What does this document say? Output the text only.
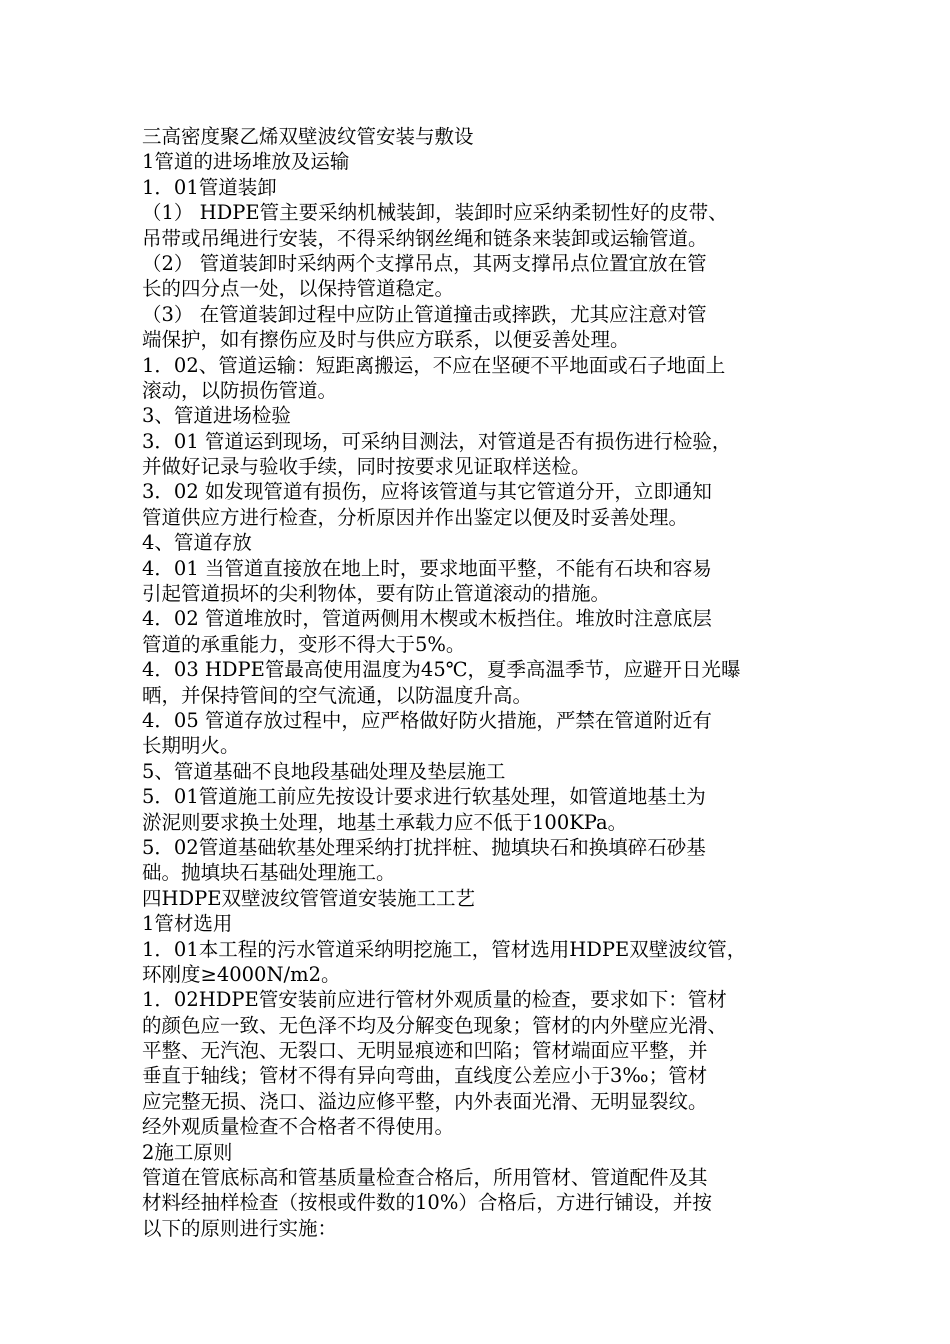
三高密度聚乙烯双壁波纹管安装与敷设
1管道的进场堆放及运输
1．01管道装卸
（1） HDPE管主要采纳机械装卸，装卸时应采纳柔韧性好的皮带、
吊带或吊绳进行安装，不得采纳钢丝绳和链条来装卸或运输管道。
（2） 管道装卸时采纳两个支撑吊点，其两支撑吊点位置宜放在管
长的四分点一处，以保持管道稳定。
（3） 在管道装卸过程中应防止管道撞击或摔跌，尤其应注意对管
端保护，如有擦伤应及时与供应方联系，以便妥善处理。
1．02、管道运输：短距离搬运，不应在坚硬不平地面或石子地面上
滚动，以防损伤管道。
3、管道进场检验
3．01 管道运到现场，可采纳目测法，对管道是否有损伤进行检验，
并做好记录与验收手续，同时按要求见证取样送检。
3．02 如发现管道有损伤，应将该管道与其它管道分开，立即通知
管道供应方进行检查，分析原因并作出鉴定以便及时妥善处理。
4、管道存放
4．01 当管道直接放在地上时，要求地面平整，不能有石块和容易
引起管道损坏的尖利物体，要有防止管道滚动的措施。
4．02 管道堆放时，管道两侧用木楔或木板挡住。堆放时注意底层
管道的承重能力，变形不得大于5%。
4．03 HDPE管最高使用温度为45℃，夏季高温季节，应避开日光曝
晒，并保持管间的空气流通，以防温度升高。
4．05 管道存放过程中，应严格做好防火措施，严禁在管道附近有
长期明火。
5、管道基础不良地段基础处理及垫层施工
5．01管道施工前应先按设计要求进行软基处理，如管道地基土为
淤泥则要求换土处理，地基土承载力应不低于100KPa。
5．02管道基础软基处理采纳打扰拌桩、抛填块石和换填碎石砂基
础。抛填块石基础处理施工。
四HDPE双壁波纹管管道安装施工工艺
1管材选用
1．01本工程的污水管道采纳明挖施工，管材选用HDPE双壁波纹管，
环刚度≥4000N/m2。
1．02HDPE管安装前应进行管材外观质量的检查，要求如下：管材
的颜色应一致、无色泽不均及分解变色现象；管材的内外壁应光滑、
平整、无汽泡、无裂口、无明显痕迹和凹陷；管材端面应平整，并
垂直于轴线；管材不得有异向弯曲，直线度公差应小于3‰；管材
应完整无损、浇口、溢边应修平整，内外表面光滑、无明显裂纹。
经外观质量检查不合格者不得使用。
2施工原则
管道在管底标高和管基质量检查合格后，所用管材、管道配件及其
材料经抽样检查（按根或件数的10%）合格后，方进行铺设，并按
以下的原则进行实施：
